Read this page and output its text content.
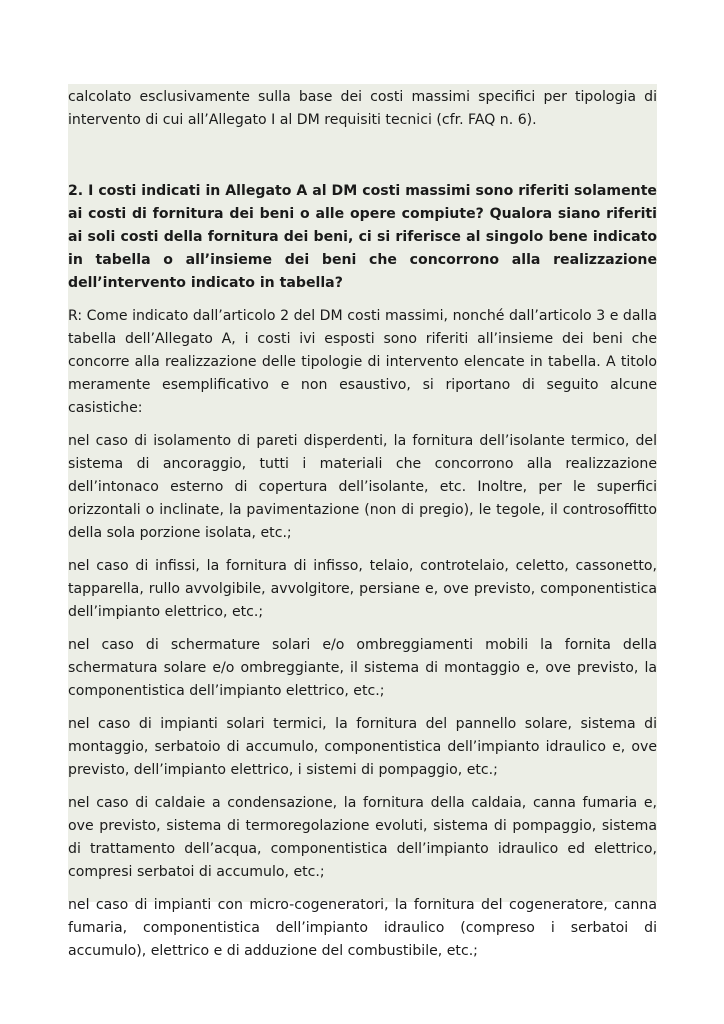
calcolato esclusivamente sulla base dei costi massimi specifici per tipologia di intervento di cui all’Allegato I al DM requisiti tecnici (cfr. FAQ n. 6).

2. I costi indicati in Allegato A al DM costi massimi sono riferiti solamente ai costi di fornitura dei beni o alle opere compiute? Qualora siano riferiti ai soli costi della fornitura dei beni, ci si riferisce al singolo bene indicato in tabella o all’insieme dei beni che concorrono alla realizzazione dell’intervento indicato in tabella?

R: Come indicato dall’articolo 2 del DM costi massimi, nonché dall’articolo 3 e dalla tabella dell’Allegato A, i costi ivi esposti sono riferiti all’insieme dei beni che concorre alla realizzazione delle tipologie di intervento elencate in tabella. A titolo meramente esemplificativo e non esaustivo, si riportano di seguito alcune casistiche:

nel caso di isolamento di pareti disperdenti, la fornitura dell’isolante termico, del sistema di ancoraggio, tutti i materiali che concorrono alla realizzazione dell’intonaco esterno di copertura dell’isolante, etc. Inoltre, per le superfici orizzontali o inclinate, la pavimentazione (non di pregio), le tegole, il controsoffitto della sola porzione isolata, etc.;

nel caso di infissi, la fornitura di infisso, telaio, controtelaio, celetto, cassonetto, tapparella, rullo avvolgibile, avvolgitore, persiane e, ove previsto, componentistica dell’impianto elettrico, etc.;

nel caso di schermature solari e/o ombreggiamenti mobili la fornita della schermatura solare e/o ombreggiante, il sistema di montaggio e, ove previsto, la componentistica dell’impianto elettrico, etc.;

nel caso di impianti solari termici, la fornitura del pannello solare, sistema di montaggio, serbatoio di accumulo, componentistica dell’impianto idraulico e, ove previsto, dell’impianto elettrico, i sistemi di pompaggio, etc.;

nel caso di caldaie a condensazione, la fornitura della caldaia, canna fumaria e, ove previsto, sistema di termoregolazione evoluti, sistema di pompaggio, sistema di trattamento dell’acqua, componentistica dell’impianto idraulico ed elettrico, compresi serbatoi di accumulo, etc.;

nel caso di impianti con micro-cogeneratori, la fornitura del cogeneratore, canna fumaria, componentistica dell’impianto idraulico (compreso i serbatoi di accumulo), elettrico e di adduzione del combustibile, etc.;
